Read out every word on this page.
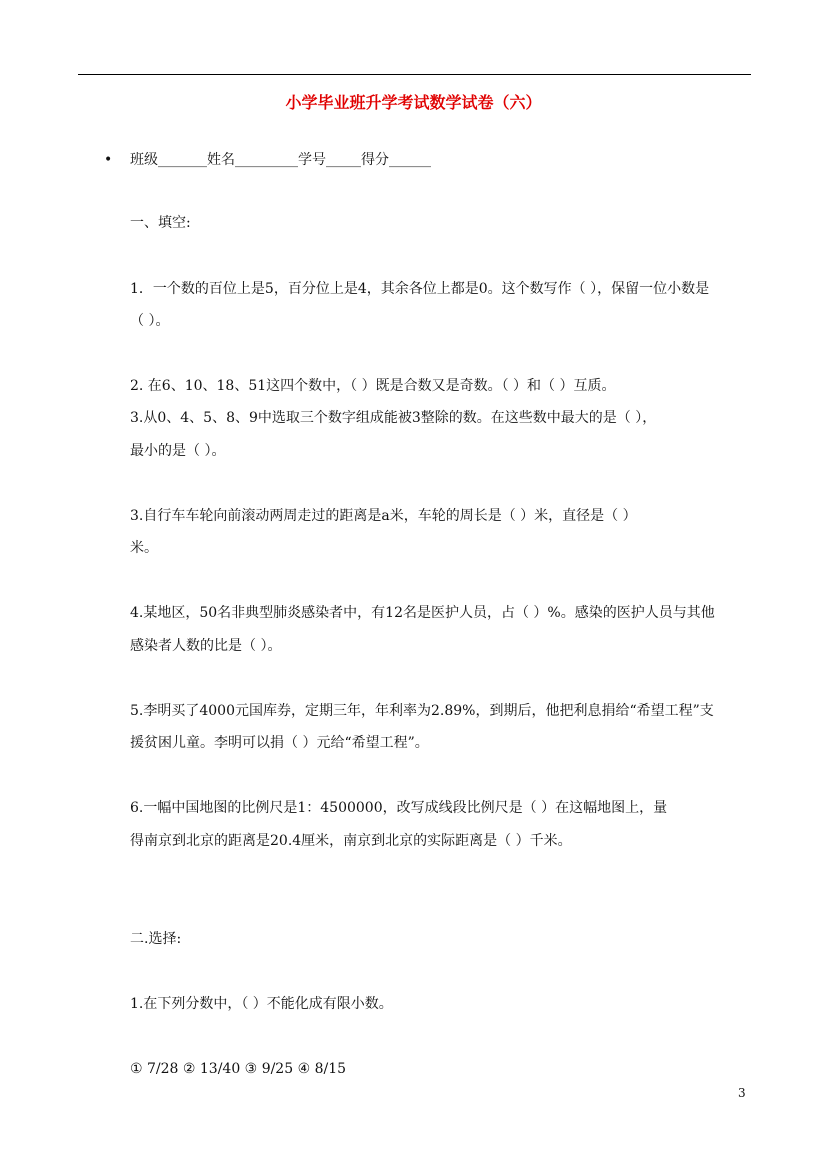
小学毕业班升学考试数学试卷（六）
• 班级_______姓名_________学号_____得分______
一、填空:
1．一个数的百位上是5，百分位上是4，其余各位上都是0。这个数写作（ ），保留一位小数是
（ ）。
2. 在6、10、18、51这四个数中，（ ）既是合数又是奇数。（ ）和（ ）互质。
3.从0、4、5、8、9中选取三个数字组成能被3整除的数。在这些数中最大的是（ ），
最小的是（ ）。
3.自行车车轮向前滚动两周走过的距离是a米，车轮的周长是（ ）米，直径是（ ）
米。
4.某地区，50名非典型肺炎感染者中，有12名是医护人员，占（ ）%。感染的医护人员与其他
感染者人数的比是（ ）。
5.李明买了4000元国库券，定期三年，年利率为2.89%，到期后，他把利息捐给“希望工程”支
援贫困儿童。李明可以捐（ ）元给“希望工程”。
6.一幅中国地图的比例尺是1：4500000，改写成线段比例尺是（ ）在这幅地图上，量
得南京到北京的距离是20.4厘米，南京到北京的实际距离是（ ）千米。
二.选择:
1.在下列分数中，（ ）不能化成有限小数。
① 7/28 ② 13/40 ③ 9/25 ④ 8/15
3
